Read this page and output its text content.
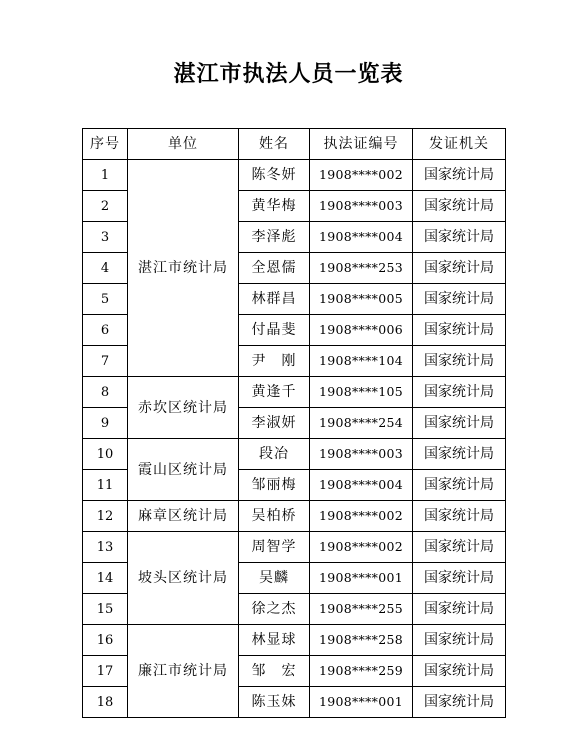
湛江市执法人员一览表
序号	单位	姓名	执法证编号	发证机关
1	湛江市统计局	陈冬妍	1908****002	国家统计局
2		黄华梅	1908****003	国家统计局
3		李泽彪	1908****004	国家统计局
4		全恩儒	1908****253	国家统计局
5		林群昌	1908****005	国家统计局
6		付晶斐	1908****006	国家统计局
7		尹　刚	1908****104	国家统计局
8	赤坎区统计局	黄逢千	1908****105	国家统计局
9		李淑妍	1908****254	国家统计局
10	霞山区统计局	段冶	1908****003	国家统计局
11		邹丽梅	1908****004	国家统计局
12	麻章区统计局	吴柏桥	1908****002	国家统计局
13	坡头区统计局	周智学	1908****002	国家统计局
14		吴麟	1908****001	国家统计局
15		徐之杰	1908****255	国家统计局
16	廉江市统计局	林显球	1908****258	国家统计局
17		邹　宏	1908****259	国家统计局
18		陈玉妹	1908****001	国家统计局
